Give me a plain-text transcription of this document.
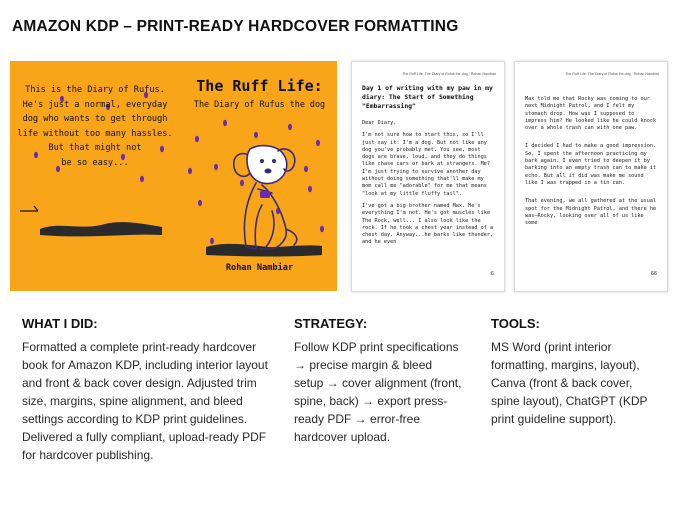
AMAZON KDP – PRINT-READY HARDCOVER FORMATTING
This is the Diary of Rufus.
He's just a normal, everyday
dog who wants to get through
life without too many hassles.
But that might not
be so easy...
The Ruff Life:
The Diary of Rufus the dog
Rohan Nambiar
The Ruff Life: The Diary of Rufus the dog · Rohan Nambiar
Day 1 of writing with my paw in my diary: The Start of Something "Embarrassing"

Dear Diary,

I'm not sure how to start this, so I'll just say it: I'm a dog. But not like any dog you've probably met. You see, most dogs are brave, loud, and they do things like chase cars or bark at strangers. Me? I'm just trying to survive another day without doing something that'll make my mom call me "adorable" for me that means "look at my little fluffy tail".

I've got a big brother named Max. He's everything I'm not. He's got muscles like The Rock, well... I also look like the rock. If he took a chest year instead of a chest day. Anyway...he barks like thunder, and he even

6
The Ruff Life: The Diary of Rufus the dog · Rohan Nambiar

Max told me that Rocky was coming to our next Midnight Patrol, and I felt my stomach drop. How was I supposed to impress him? He looked like he could knock over a whole trash can with one paw.

I decided I had to make a good impression. So, I spent the afternoon practicing my bark again. I even tried to deepen it by barking into an empty trash can to make it echo. But all it did was make me sound like I was trapped in a tin can.

That evening, we all gathered at the usual spot for the Midnight Patrol, and there he was—Rocky, looking over all of us like some

66
WHAT I DID:
Formatted a complete print-ready hardcover book for Amazon KDP, including interior layout and front & back cover design. Adjusted trim size, margins, spine alignment, and bleed settings according to KDP print guidelines. Delivered a fully compliant, upload-ready PDF for hardcover publishing.
STRATEGY:
Follow KDP print specifications → precise margin & bleed setup → cover alignment (front, spine, back) → export press-ready PDF → error-free hardcover upload.
TOOLS:
MS Word (print interior formatting, margins, layout), Canva (front & back cover, spine layout), ChatGPT (KDP print guideline support).
